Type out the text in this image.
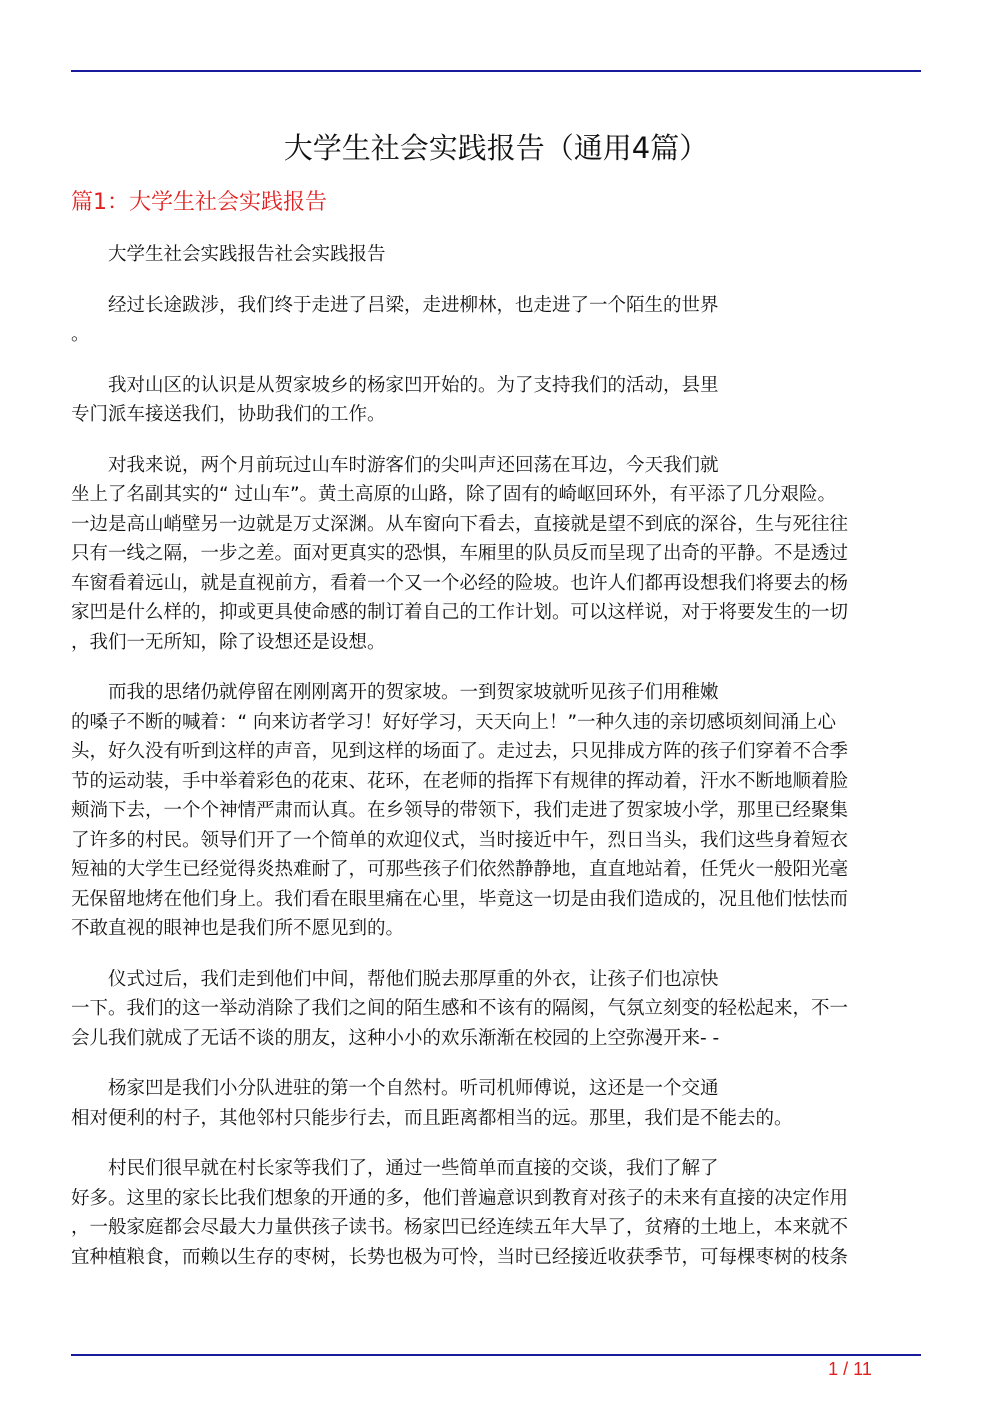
大学生社会实践报告（通用4篇）
篇1：大学生社会实践报告
大学生社会实践报告社会实践报告
经过长途跋涉，我们终于走进了吕梁，走进柳林，也走进了一个陌生的世界
。
我对山区的认识是从贺家坡乡的杨家凹开始的。为了支持我们的活动，县里
专门派车接送我们，协助我们的工作。
对我来说，两个月前玩过山车时游客们的尖叫声还回荡在耳边，今天我们就
坐上了名副其实的“ 过山车”。黄土高原的山路，除了固有的崎岖回环外，有平添了几分艰险。
一边是高山峭壁另一边就是万丈深渊。从车窗向下看去，直接就是望不到底的深谷，生与死往往
只有一线之隔，一步之差。面对更真实的恐惧，车厢里的队员反而呈现了出奇的平静。不是透过
车窗看着远山，就是直视前方，看着一个又一个必经的险坡。也许人们都再设想我们将要去的杨
家凹是什么样的，抑或更具使命感的制订着自己的工作计划。可以这样说，对于将要发生的一切
，我们一无所知，除了设想还是设想。
而我的思绪仍就停留在刚刚离开的贺家坡。一到贺家坡就听见孩子们用稚嫩
的嗓子不断的喊着：“ 向来访者学习！好好学习，天天向上！”一种久违的亲切感顷刻间涌上心
头，好久没有听到这样的声音，见到这样的场面了。走过去，只见排成方阵的孩子们穿着不合季
节的运动装，手中举着彩色的花束、花环，在老师的指挥下有规律的挥动着，汗水不断地顺着脸
颊淌下去，一个个神情严肃而认真。在乡领导的带领下，我们走进了贺家坡小学，那里已经聚集
了许多的村民。领导们开了一个简单的欢迎仪式，当时接近中午，烈日当头，我们这些身着短衣
短袖的大学生已经觉得炎热难耐了，可那些孩子们依然静静地，直直地站着，任凭火一般阳光毫
无保留地烤在他们身上。我们看在眼里痛在心里，毕竟这一切是由我们造成的，况且他们怯怯而
不敢直视的眼神也是我们所不愿见到的。
仪式过后，我们走到他们中间，帮他们脱去那厚重的外衣，让孩子们也凉快
一下。我们的这一举动消除了我们之间的陌生感和不该有的隔阂，气氛立刻变的轻松起来，不一
会儿我们就成了无话不谈的朋友，这种小小的欢乐渐渐在校园的上空弥漫开来- -
杨家凹是我们小分队进驻的第一个自然村。听司机师傅说，这还是一个交通
相对便利的村子，其他邻村只能步行去，而且距离都相当的远。那里，我们是不能去的。
村民们很早就在村长家等我们了，通过一些简单而直接的交谈，我们了解了
好多。这里的家长比我们想象的开通的多，他们普遍意识到教育对孩子的未来有直接的决定作用
，一般家庭都会尽最大力量供孩子读书。杨家凹已经连续五年大旱了，贫瘠的土地上，本来就不
宜种植粮食，而赖以生存的枣树，长势也极为可怜，当时已经接近收获季节，可每棵枣树的枝条
1 / 11
